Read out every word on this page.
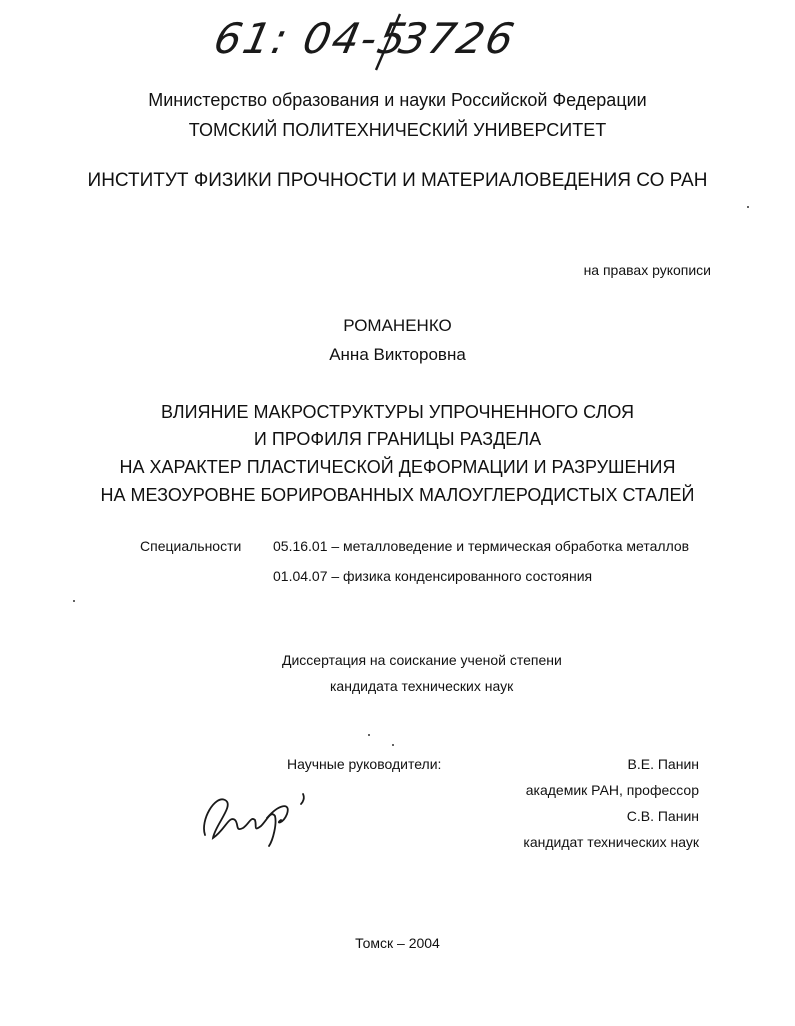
61: 04-5
3726
Министерство образования и науки Российской Федерации
ТОМСКИЙ ПОЛИТЕХНИЧЕСКИЙ УНИВЕРСИТЕТ
ИНСТИТУТ ФИЗИКИ ПРОЧНОСТИ И МАТЕРИАЛОВЕДЕНИЯ СО РАН
на правах рукописи
РОМАНЕНКО
Анна Викторовна
ВЛИЯНИЕ МАКРОСТРУКТУРЫ УПРОЧНЕННОГО СЛОЯ
И ПРОФИЛЯ ГРАНИЦЫ РАЗДЕЛА
НА ХАРАКТЕР ПЛАСТИЧЕСКОЙ ДЕФОРМАЦИИ И РАЗРУШЕНИЯ
НА МЕЗОУРОВНЕ БОРИРОВАННЫХ МАЛОУГЛЕРОДИСТЫХ СТАЛЕЙ
Специальности 05.16.01 – металловедение и термическая обработка металлов
01.04.07 – физика конденсированного состояния
Диссертация на соискание ученой степени
кандидата технических наук
Научные руководители:	В.Е. Панин
академик РАН, профессор
С.В. Панин
кандидат технических наук
Томск – 2004
